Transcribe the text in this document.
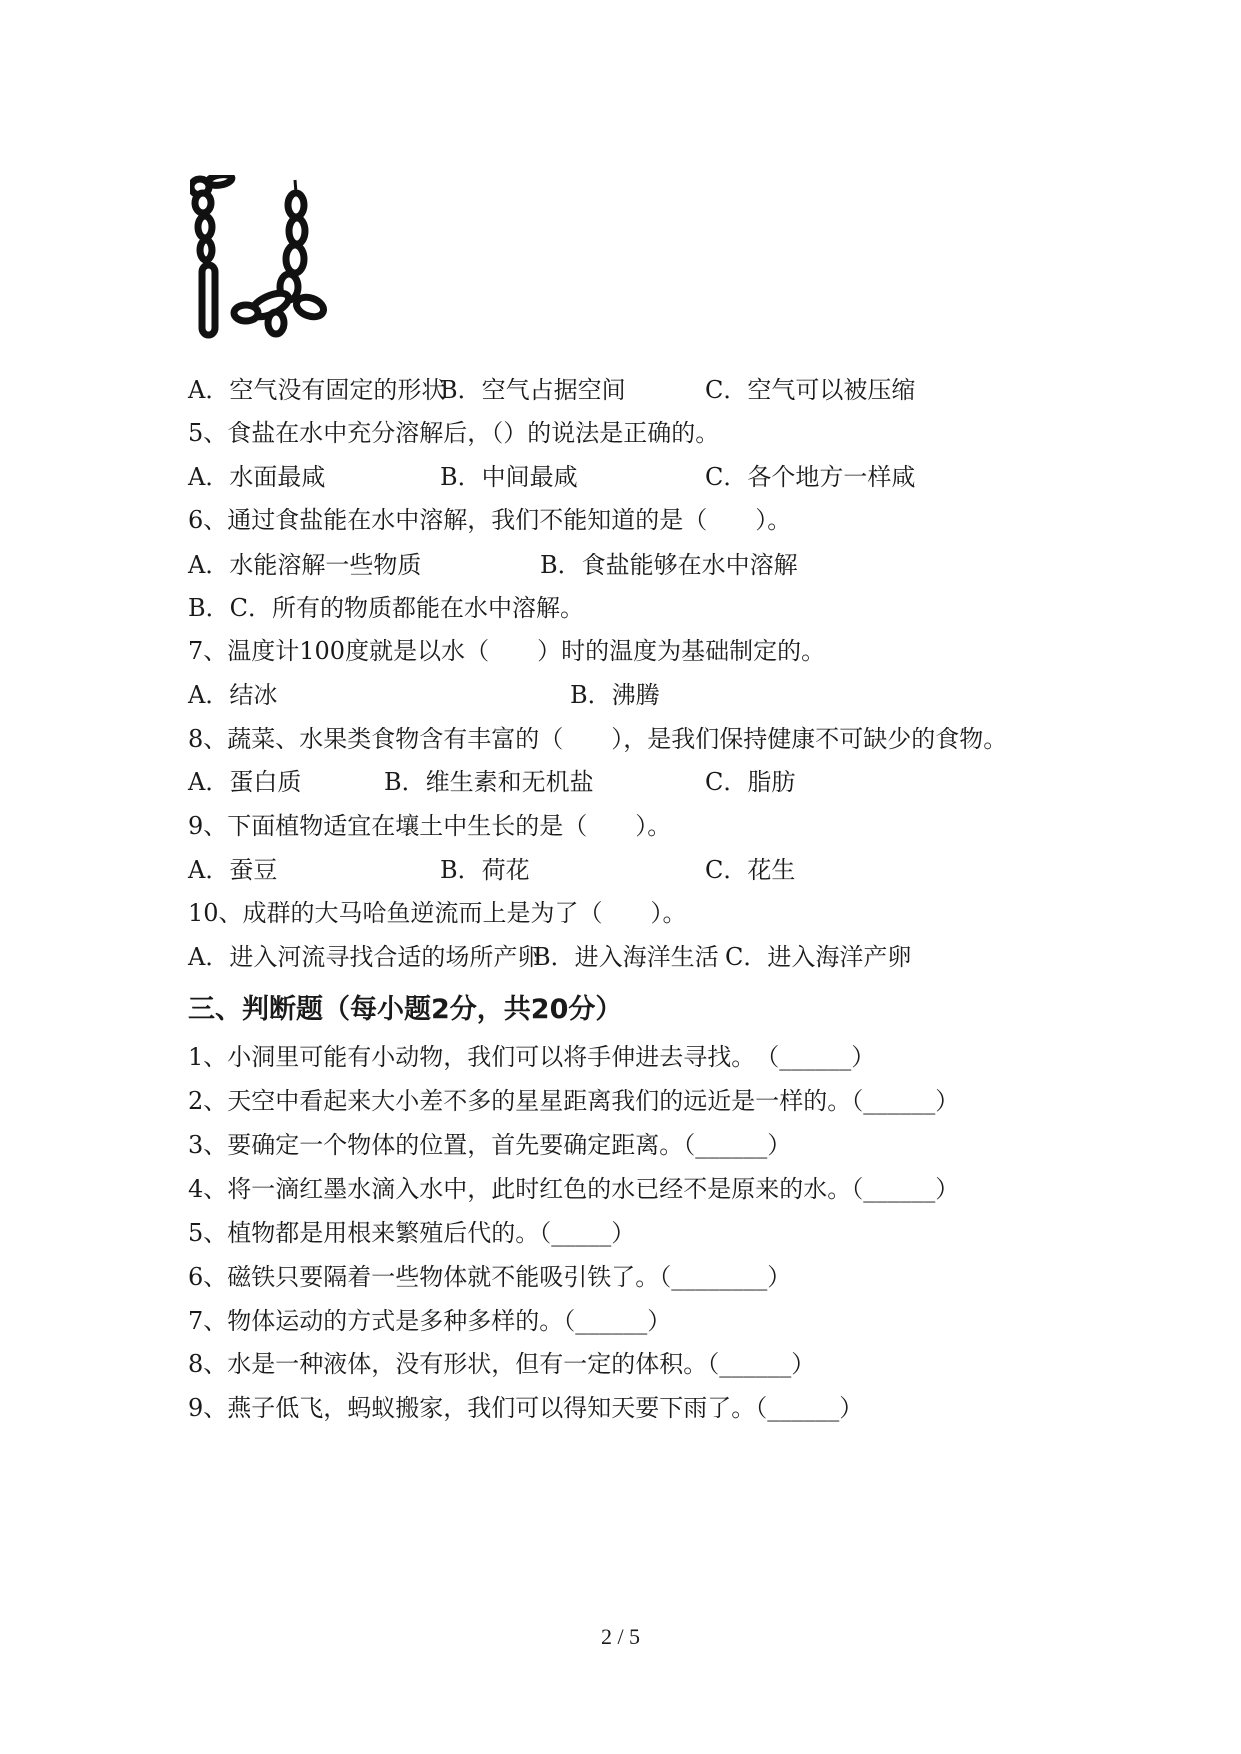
A．空气没有固定的形状
B．空气占据空间	C．空气可以被压缩
5、食盐在水中充分溶解后，（）的说法是正确的。
A．水面最咸	B．中间最咸	C．各个地方一样咸
6、通过食盐能在水中溶解，我们不能知道的是（　　）。
A．水能溶解一些物质	B．食盐能够在水中溶解
B．C．所有的物质都能在水中溶解。
7、温度计100度就是以水（　　）时的温度为基础制定的。
A．结冰	B．沸腾
8、蔬菜、水果类食物含有丰富的（　　），是我们保持健康不可缺少的食物。
A．蛋白质	B．维生素和无机盐	C．脂肪
9、下面植物适宜在壤土中生长的是（　　）。
A．蚕豆	B．荷花	C．花生
10、成群的大马哈鱼逆流而上是为了（　　）。
A．进入河流寻找合适的场所产卵
B．进入海洋生活 C．进入海洋产卵
三、判断题（每小题2分，共20分）
1、小洞里可能有小动物，我们可以将手伸进去寻找。　（______）
2、天空中看起来大小差不多的星星距离我们的远近是一样的。（______）
3、要确定一个物体的位置，首先要确定距离。（______）
4、将一滴红墨水滴入水中，此时红色的水已经不是原来的水。（______）
5、植物都是用根来繁殖后代的。（_____）
6、磁铁只要隔着一些物体就不能吸引铁了。（________）
7、物体运动的方式是多种多样的。（______）
8、水是一种液体，没有形状，但有一定的体积。（______）
9、燕子低飞，蚂蚁搬家，我们可以得知天要下雨了。（______）
2 / 5
